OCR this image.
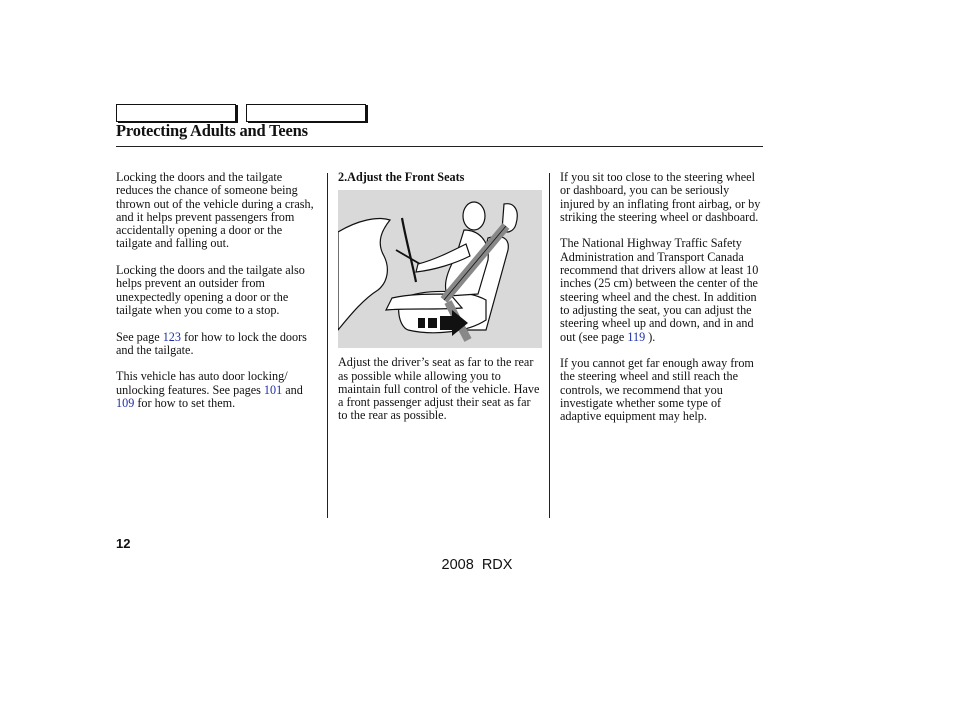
Protecting Adults and Teens

Locking the doors and the tailgate reduces the chance of someone being thrown out of the vehicle during a crash, and it helps prevent passengers from accidentally opening a door or the tailgate and falling out.

Locking the doors and the tailgate also helps prevent an outsider from unexpectedly opening a door or the tailgate when you come to a stop.

See page 123 for how to lock the doors and the tailgate.

This vehicle has auto door locking/ unlocking features. See pages 101 and 109 for how to set them.

2.Adjust the Front Seats

Adjust the driver’s seat as far to the rear as possible while allowing you to maintain full control of the vehicle. Have a front passenger adjust their seat as far to the rear as possible.

If you sit too close to the steering wheel or dashboard, you can be seriously injured by an inflating front airbag, or by striking the steering wheel or dashboard.

The National Highway Traffic Safety Administration and Transport Canada recommend that drivers allow at least 10 inches (25 cm) between the center of the steering wheel and the chest. In addition to adjusting the seat, you can adjust the steering wheel up and down, and in and out (see page 119 ).

If you cannot get far enough away from the steering wheel and still reach the controls, we recommend that you investigate whether some type of adaptive equipment may help.

12
2008 RDX
